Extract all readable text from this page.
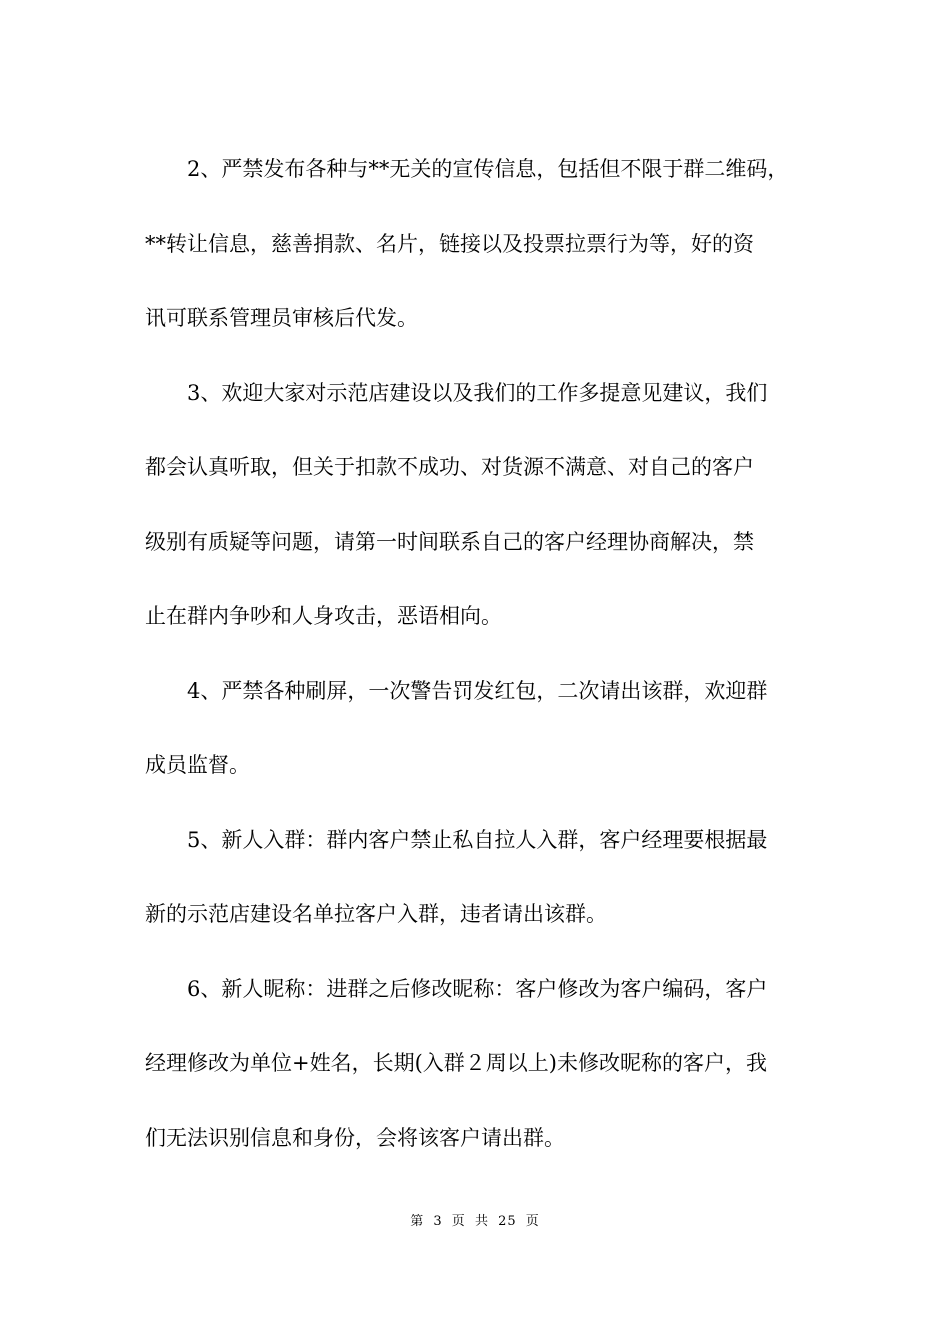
2、严禁发布各种与**无关的宣传信息，包括但不限于群二维码，
**转让信息，慈善捐款、名片，链接以及投票拉票行为等，好的资
讯可联系管理员审核后代发。

3、欢迎大家对示范店建设以及我们的工作多提意见建议，我们
都会认真听取，但关于扣款不成功、对货源不满意、对自己的客户
级别有质疑等问题，请第一时间联系自己的客户经理协商解决，禁
止在群内争吵和人身攻击，恶语相向。

4、严禁各种刷屏，一次警告罚发红包，二次请出该群，欢迎群
成员监督。

5、新人入群：群内客户禁止私自拉人入群，客户经理要根据最
新的示范店建设名单拉客户入群，违者请出该群。

6、新人昵称：进群之后修改昵称：客户修改为客户编码，客户
经理修改为单位+姓名，长期(入群２周以上)未修改昵称的客户，我
们无法识别信息和身份，会将该客户请出群。

第 3 页 共 25 页
